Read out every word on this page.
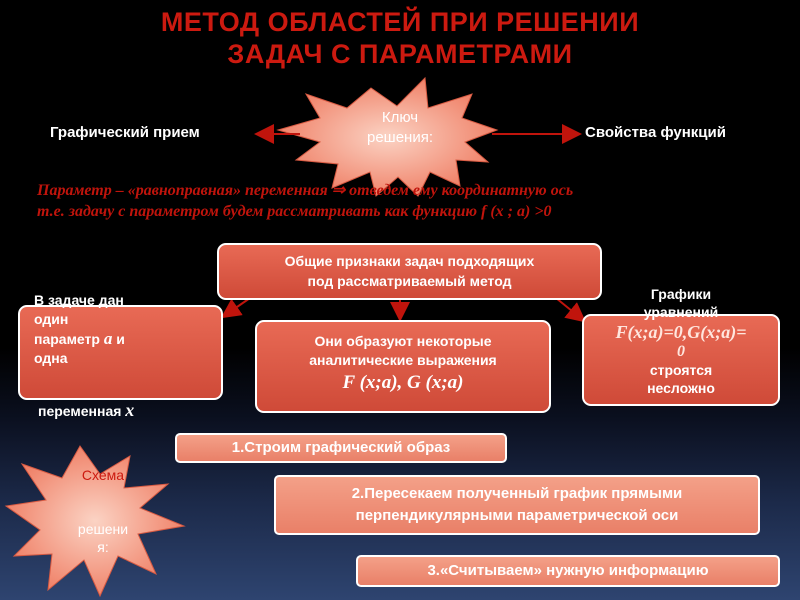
МЕТОД ОБЛАСТЕЙ ПРИ РЕШЕНИИ
ЗАДАЧ С ПАРАМЕТРАМИ
Ключ
решения:
Графический прием	Свойства функций
Параметр – «равноправная» переменная ⇒ отведем ему координатную ось
т.е. задачу с параметром будем рассматривать как функцию f (x ; a) >0
Общие признаки задач подходящих
под рассматриваемый метод
В задаче дан
один
параметр a и
одна
переменная x
Они образуют некоторые
аналитические выражения
F (x;a), G (x;a)
Графики
уравнений
F(x;a)=0,G(x;a)=
0
строятся
несложно
Схема
решени
я:
1.Строим графический образ
2.Пересекаем полученный график прямыми
перпендикулярными параметрической оси
3.«Считываем» нужную информацию
